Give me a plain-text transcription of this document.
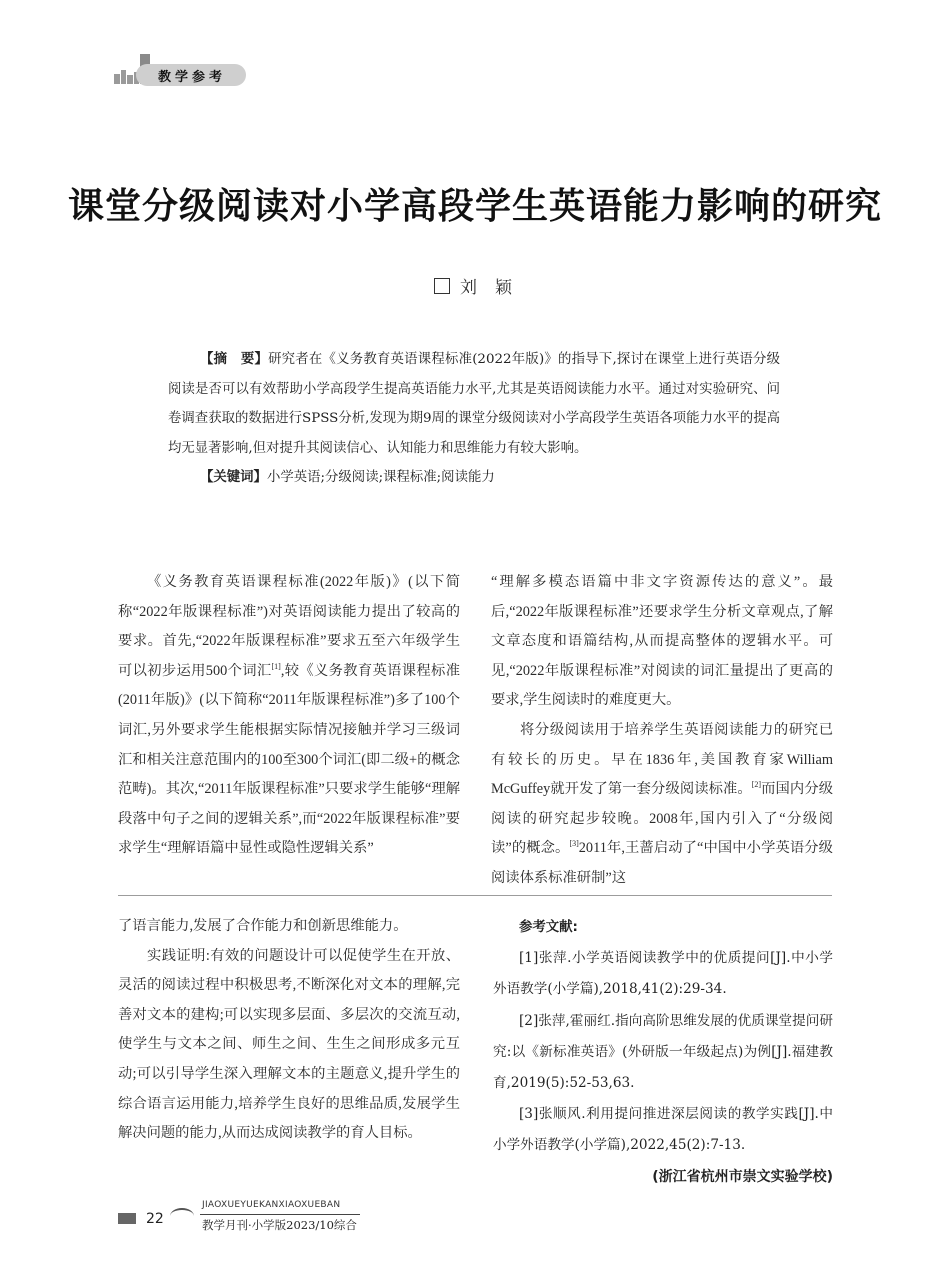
教学参考
课堂分级阅读对小学高段学生英语能力影响的研究
刘颖

【摘　要】研究者在《义务教育英语课程标准(2022年版)》的指导下,探讨在课堂上进行英语分级阅读是否可以有效帮助小学高段学生提高英语能力水平,尤其是英语阅读能力水平。通过对实验研究、问卷调查获取的数据进行SPSS分析,发现为期9周的课堂分级阅读对小学高段学生英语各项能力水平的提高均无显著影响,但对提升其阅读信心、认知能力和思维能力有较大影响。

【关键词】小学英语;分级阅读;课程标准;阅读能力

《义务教育英语课程标准(2022年版)》(以下简称“2022年版课程标准”)对英语阅读能力提出了较高的要求。首先,“2022年版课程标准”要求五至六年级学生可以初步运用500个词汇[1],较《义务教育英语课程标准(2011年版)》(以下简称“2011年版课程标准”)多了100个词汇,另外要求学生能根据实际情况接触并学习三级词汇和相关注意范围内的100至300个词汇(即二级+的概念范畴)。其次,“2011年版课程标准”只要求学生能够“理解段落中句子之间的逻辑关系”,而“2022年版课程标准”要求学生“理解语篇中显性或隐性逻辑关系”

“理解多模态语篇中非文字资源传达的意义”。最后,“2022年版课程标准”还要求学生分析文章观点,了解文章态度和语篇结构,从而提高整体的逻辑水平。可见,“2022年版课程标准”对阅读的词汇量提出了更高的要求,学生阅读时的难度更大。

将分级阅读用于培养学生英语阅读能力的研究已有较长的历史。早在1836年,美国教育家William McGuffey就开发了第一套分级阅读标准。[2]而国内分级阅读的研究起步较晚。2008年,国内引入了“分级阅读”的概念。[3]2011年,王蔷启动了“中国中小学英语分级阅读体系标准研制”这

了语言能力,发展了合作能力和创新思维能力。

实践证明:有效的问题设计可以促使学生在开放、灵活的阅读过程中积极思考,不断深化对文本的理解,完善对文本的建构;可以实现多层面、多层次的交流互动,使学生与文本之间、师生之间、生生之间形成多元互动;可以引导学生深入理解文本的主题意义,提升学生的综合语言运用能力,培养学生良好的思维品质,发展学生解决问题的能力,从而达成阅读教学的育人目标。

参考文献:

[1]张萍.小学英语阅读教学中的优质提问[J].中小学外语教学(小学篇),2018,41(2):29-34.

[2]张萍,霍丽红.指向高阶思维发展的优质课堂提问研究:以《新标准英语》(外研版一年级起点)为例[J].福建教育,2019(5):52-53,63.

[3]张顺风.利用提问推进深层阅读的教学实践[J].中小学外语教学(小学篇),2022,45(2):7-13.

(浙江省杭州市崇文实验学校)

22
JIAOXUEYUEKANXIAOXUEBAN
教学月刊·小学版2023/10综合
